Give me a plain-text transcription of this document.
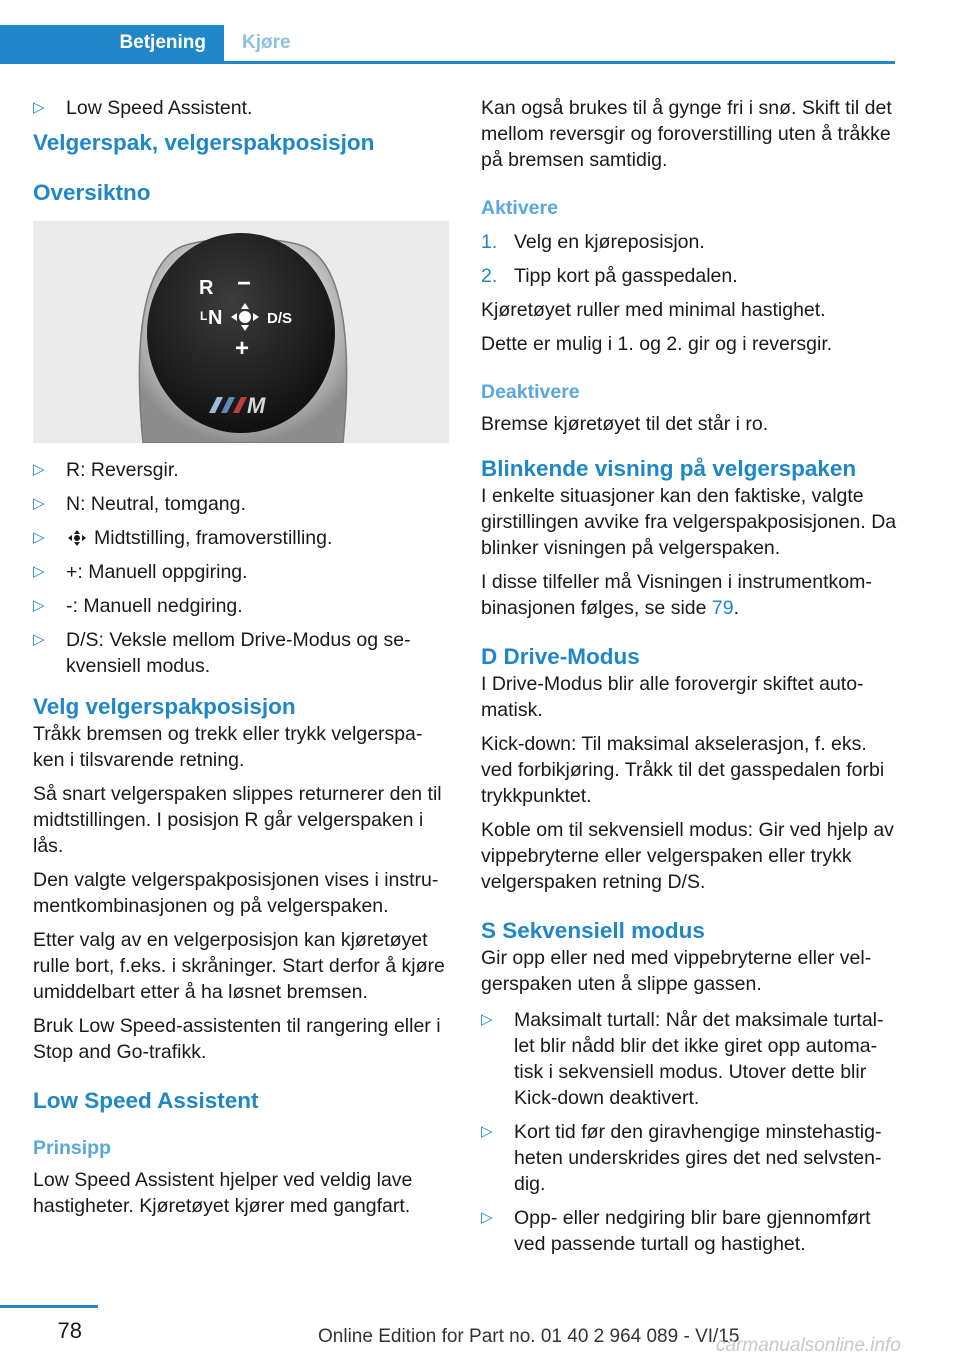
Betjening	Kjøre
▷ Low Speed Assistent.
Velgerspak, velgerspakposisjon
Oversiktno
R −
L N	D/S
+
M
▷ R: Reversgir.
▷ N: Neutral, tomgang.
▷ Midtstilling, framoverstilling.
▷ +: Manuell oppgiring.
▷ -: Manuell nedgiring.
▷ D/S: Veksle mellom Drive-Modus og se-kvensiell modus.
Velg velgerspakposisjon

Tråkk bremsen og trekk eller trykk velgerspa-ken i tilsvarende retning.

Så snart velgerspaken slippes returnerer den til midtstillingen. I posisjon R går velgerspaken i lås.

Den valgte velgerspakposisjonen vises i instru-mentkombinasjonen og på velgerspaken.

Etter valg av en velgerposisjon kan kjøretøyet rulle bort, f.eks. i skråninger. Start derfor å kjøre umiddelbart etter å ha løsnet bremsen.

Bruk Low Speed-assistenten til rangering eller i Stop and Go-trafikk.

Low Speed Assistent
Prinsipp

Low Speed Assistent hjelper ved veldig lave hastigheter. Kjøretøyet kjører med gangfart.

Kan også brukes til å gynge fri i snø. Skift til det mellom reversgir og foroverstilling uten å tråkke på bremsen samtidig.

Aktivere
1. Velg en kjøreposisjon.
2. Tipp kort på gasspedalen.

Kjøretøyet ruller med minimal hastighet.

Dette er mulig i 1. og 2. gir og i reversgir.

Deaktivere

Bremse kjøretøyet til det står i ro.

Blinkende visning på velgerspaken

I enkelte situasjoner kan den faktiske, valgte girstillingen avvike fra velgerspakposisjonen. Da blinker visningen på velgerspaken.

I disse tilfeller må Visningen i instrumentkom-binasjonen følges, se side 79.

D Drive-Modus

I Drive-Modus blir alle forovergir skiftet auto-matisk.

Kick-down: Til maksimal akselerasjon, f. eks. ved forbikjøring. Tråkk til det gasspedalen forbi trykkpunktet.

Koble om til sekvensiell modus: Gir ved hjelp av vippebryterne eller velgerspaken eller trykk velgerspaken retning D/S.

S Sekvensiell modus

Gir opp eller ned med vippebryterne eller vel-gerspaken uten å slippe gassen.

▷ Maksimalt turtall: Når det maksimale turtal-let blir nådd blir det ikke giret opp automa-tisk i sekvensiell modus. Utover dette blir Kick-down deaktivert.
▷ Kort tid før den giravhengige minstehastig-heten underskrides gires det ned selvsten-dig.
▷ Opp- eller nedgiring blir bare gjennomført ved passende turtall og hastighet.
78	Online Edition for Part no. 01 40 2 964 089 - VI/15
carmanualsonline.info
